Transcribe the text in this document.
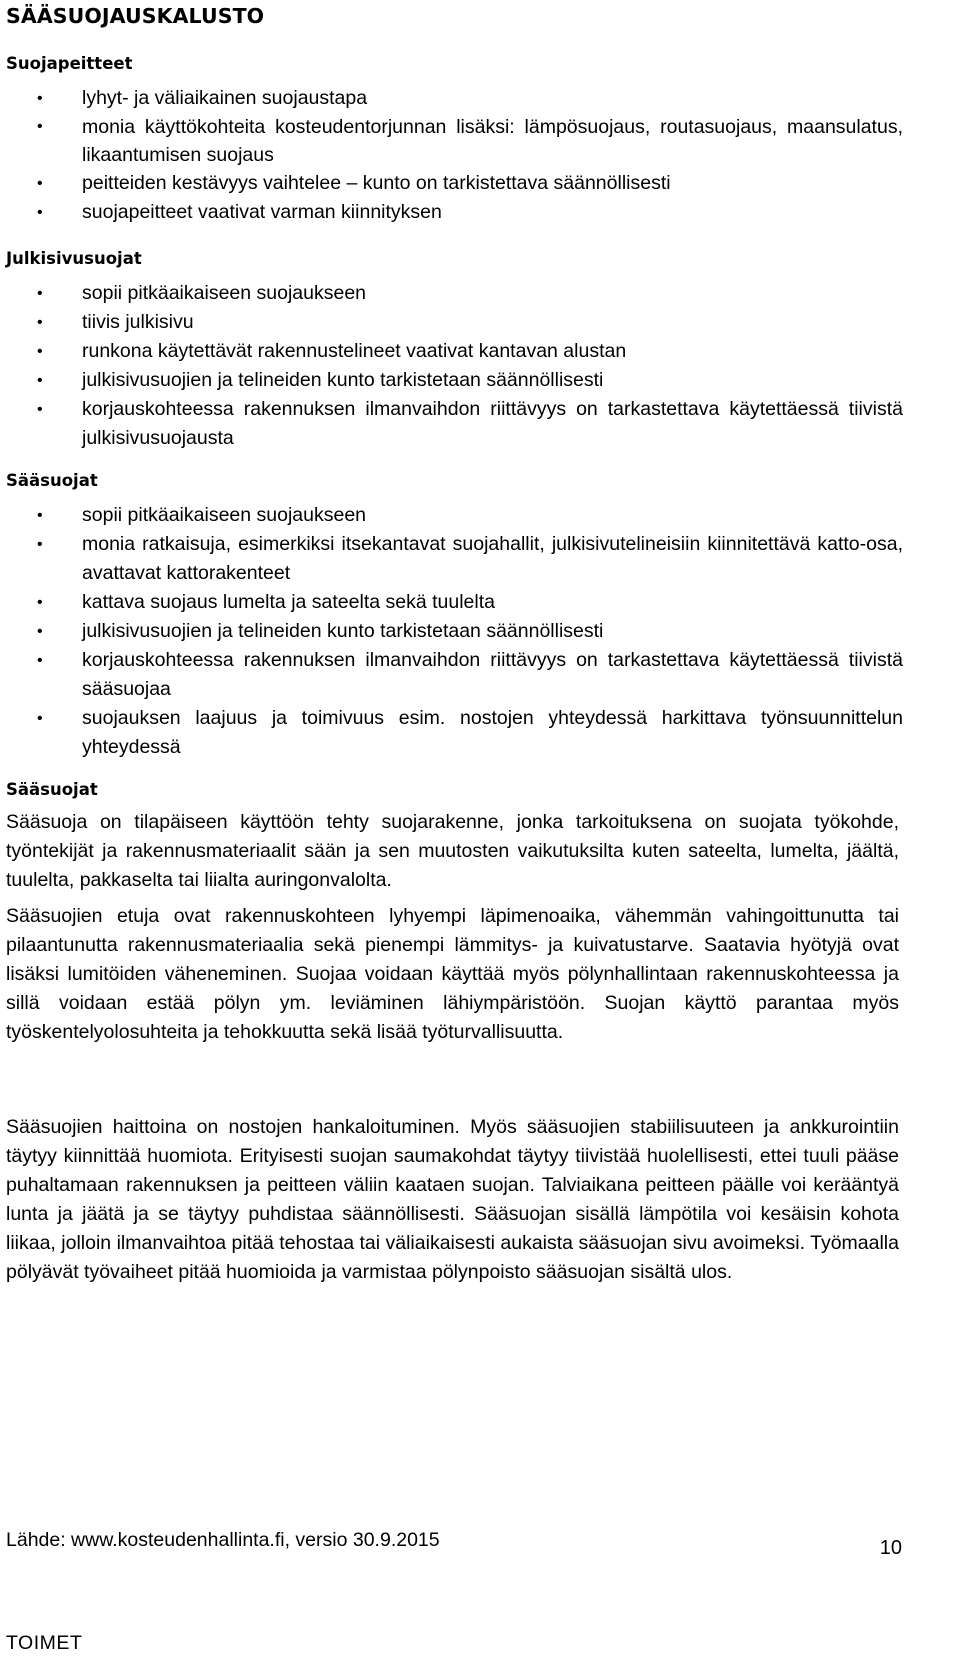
SÄÄSUOJAUSKALUSTO
Suojapeitteet
• lyhyt- ja väliaikainen suojaustapa
• monia käyttökohteita kosteudentorjunnan lisäksi: lämpösuojaus, routasuojaus, maansulatus, likaantumisen suojaus
• peitteiden kestävyys vaihtelee – kunto on tarkistettava säännöllisesti
• suojapeitteet vaativat varman kiinnityksen
Julkisivusuojat
• sopii pitkäaikaiseen suojaukseen
• tiivis julkisivu
• runkona käytettävät rakennustelineet vaativat kantavan alustan
• julkisivusuojien ja telineiden kunto tarkistetaan säännöllisesti
• korjauskohteessa rakennuksen ilmanvaihdon riittävyys on tarkastettava käytettäessä tiivistä julkisivusuojausta
Sääsuojat
• sopii pitkäaikaiseen suojaukseen
• monia ratkaisuja, esimerkiksi itsekantavat suojahallit, julkisivutelineisiin kiinnitettävä katto-osa, avattavat kattorakenteet
• kattava suojaus lumelta ja sateelta sekä tuulelta
• julkisivusuojien ja telineiden kunto tarkistetaan säännöllisesti
• korjauskohteessa rakennuksen ilmanvaihdon riittävyys on tarkastettava käytettäessä tiivistä sääsuojaa
• suojauksen laajuus ja toimivuus esim. nostojen yhteydessä harkittava työnsuunnittelun yhteydessä
Sääsuojat

Sääsuoja on tilapäiseen käyttöön tehty suojarakenne, jonka tarkoituksena on suojata työkohde, työntekijät ja rakennusmateriaalit sään ja sen muutosten vaikutuksilta kuten sateelta, lumelta, jäältä, tuulelta, pakkaselta tai liialta auringonvalolta.

Sääsuojien etuja ovat rakennuskohteen lyhyempi läpimenoaika, vähemmän vahingoittunutta tai pilaantunutta rakennusmateriaalia sekä pienempi lämmitys- ja kuivatustarve. Saatavia hyötyjä ovat lisäksi lumitöiden väheneminen. Suojaa voidaan käyttää myös pölynhallintaan rakennuskohteessa ja sillä voidaan estää pölyn ym. leviäminen lähiympäristöön. Suojan käyttö parantaa myös työskentelyolosuhteita ja tehokkuutta sekä lisää työturvallisuutta.

Sääsuojien haittoina on nostojen hankaloituminen. Myös sääsuojien stabiilisuuteen ja ankkurointiin täytyy kiinnittää huomiota. Erityisesti suojan saumakohdat täytyy tiivistää huolellisesti, ettei tuuli pääse puhaltamaan rakennuksen ja peitteen väliin kaataen suojan. Talviaikana peitteen päälle voi kerääntyä lunta ja jäätä ja se täytyy puhdistaa säännöllisesti. Sääsuojan sisällä lämpötila voi kesäisin kohota liikaa, jolloin ilmanvaihtoa pitää tehostaa tai väliaikaisesti aukaista sääsuojan sivu avoimeksi. Työmaalla pölyävät työvaiheet pitää huomioida ja varmistaa pölynpoisto sääsuojan sisältä ulos.

Lähde: www.kosteudenhallinta.fi, versio 30.9.2015	10

TOIMET
